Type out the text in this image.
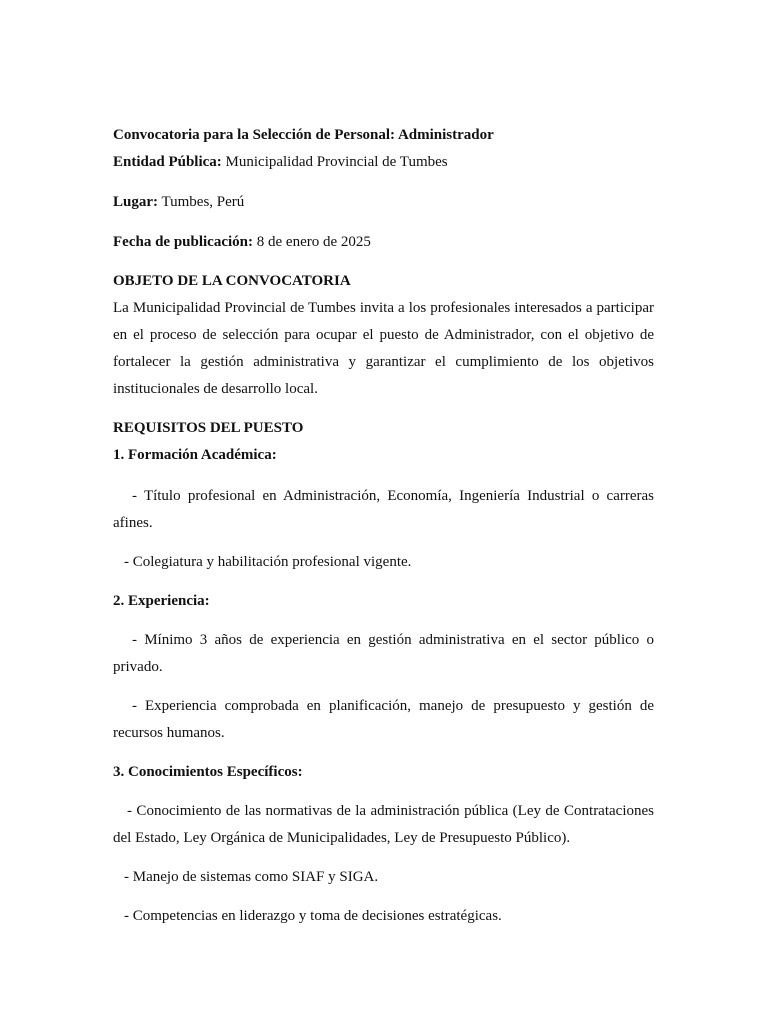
Convocatoria para la Selección de Personal: Administrador

Entidad Pública: Municipalidad Provincial de Tumbes

Lugar: Tumbes, Perú

Fecha de publicación: 8 de enero de 2025

OBJETO DE LA CONVOCATORIA

La Municipalidad Provincial de Tumbes invita a los profesionales interesados a participar en el proceso de selección para ocupar el puesto de Administrador, con el objetivo de fortalecer la gestión administrativa y garantizar el cumplimiento de los objetivos institucionales de desarrollo local.

REQUISITOS DEL PUESTO

1. Formación Académica:

- Título profesional en Administración, Economía, Ingeniería Industrial o carreras afines.

- Colegiatura y habilitación profesional vigente.

2. Experiencia:

- Mínimo 3 años de experiencia en gestión administrativa en el sector público o privado.

- Experiencia comprobada en planificación, manejo de presupuesto y gestión de recursos humanos.

3. Conocimientos Específicos:

- Conocimiento de las normativas de la administración pública (Ley de Contrataciones del Estado, Ley Orgánica de Municipalidades, Ley de Presupuesto Público).

- Manejo de sistemas como SIAF y SIGA.

- Competencias en liderazgo y toma de decisiones estratégicas.
